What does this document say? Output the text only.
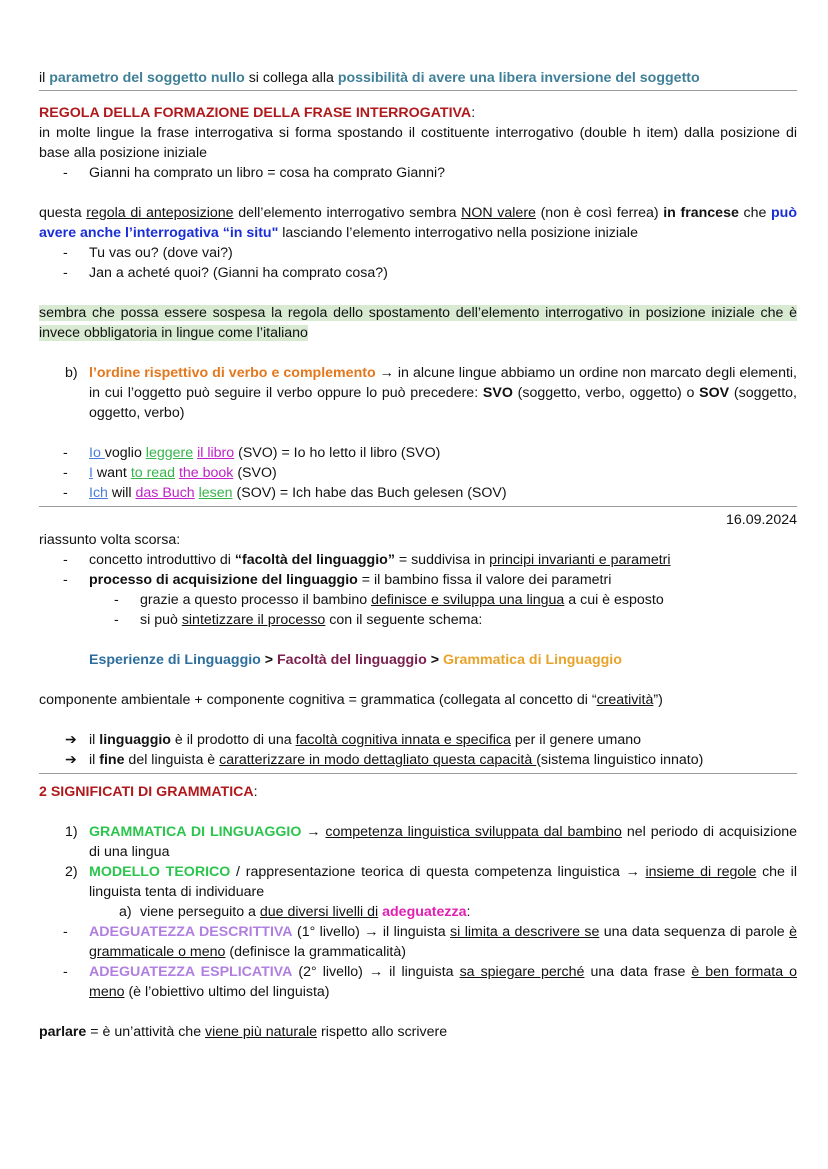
il parametro del soggetto nullo si collega alla possibilità di avere una libera inversione del soggetto

REGOLA DELLA FORMAZIONE DELLA FRASE INTERROGATIVA:

in molte lingue la frase interrogativa si forma spostando il costituente interrogativo (double h item) dalla posizione di base alla posizione iniziale

- Gianni ha comprato un libro = cosa ha comprato Gianni?

questa regola di anteposizione dell’elemento interrogativo sembra NON valere (non è così ferrea) in francese che può avere anche l’interrogativa “in situ" lasciando l’elemento interrogativo nella posizione iniziale

- Tu vas ou? (dove vai?)

- Jan a acheté quoi? (Gianni ha comprato cosa?)

sembra che possa essere sospesa la regola dello spostamento dell’elemento interrogativo in posizione iniziale che è invece obbligatoria in lingue come l’italiano

b) l’ordine rispettivo di verbo e complemento → in alcune lingue abbiamo un ordine non marcato degli elementi, in cui l’oggetto può seguire il verbo oppure lo può precedere: SVO (soggetto, verbo, oggetto) o SOV (soggetto, oggetto, verbo)

- Io voglio leggere il libro (SVO) = Io ho letto il libro (SVO)

- I want to read the book (SVO)

- Ich will das Buch lesen (SOV) = Ich habe das Buch gelesen (SOV)

16.09.2024

riassunto volta scorsa:

- concetto introduttivo di “facoltà del linguaggio” = suddivisa in principi invarianti e parametri

- processo di acquisizione del linguaggio = il bambino fissa il valore dei parametri

- grazie a questo processo il bambino definisce e sviluppa una lingua a cui è esposto

- si può sintetizzare il processo con il seguente schema:

Esperienze di Linguaggio > Facoltà del linguaggio > Grammatica di Linguaggio

componente ambientale + componente cognitiva = grammatica (collegata al concetto di “creatività”)

➔ il linguaggio è il prodotto di una facoltà cognitiva innata e specifica per il genere umano

➔ il fine del linguista è caratterizzare in modo dettagliato questa capacità (sistema linguistico innato)

2 SIGNIFICATI DI GRAMMATICA:

1) GRAMMATICA DI LINGUAGGIO → competenza linguistica sviluppata dal bambino nel periodo di acquisizione di una lingua

2) MODELLO TEORICO / rappresentazione teorica di questa competenza linguistica → insieme di regole che il linguista tenta di individuare

a) viene perseguito a due diversi livelli di adeguatezza:

- ADEGUATEZZA DESCRITTIVA (1° livello) → il linguista si limita a descrivere se una data sequenza di parole è grammaticale o meno (definisce la grammaticalità)

- ADEGUATEZZA ESPLICATIVA (2° livello) → il linguista sa spiegare perché una data frase è ben formata o meno (è l’obiettivo ultimo del linguista)

parlare = è un’attività che viene più naturale rispetto allo scrivere
